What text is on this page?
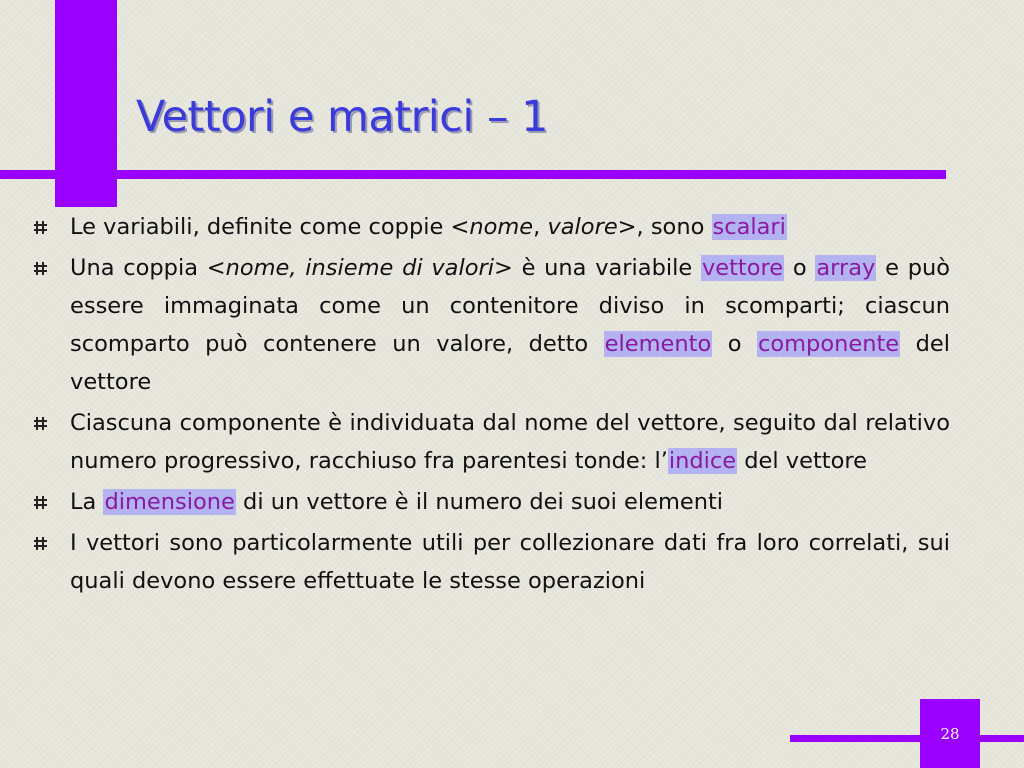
Vettori e matrici – 1
Le variabili, definite come coppie <nome, valore>, sono scalari
Una coppia <nome, insieme di valori> è una variabile vettore o array e può essere immaginata come un contenitore diviso in scomparti; ciascun scomparto può contenere un valore, detto elemento o componente del vettore
Ciascuna componente è individuata dal nome del vettore, seguito dal relativo numero progressivo, racchiuso fra parentesi tonde: l’indice del vettore
La dimensione di un vettore è il numero dei suoi elementi
I vettori sono particolarmente utili per collezionare dati fra loro correlati, sui quali devono essere effettuate le stesse operazioni
28
